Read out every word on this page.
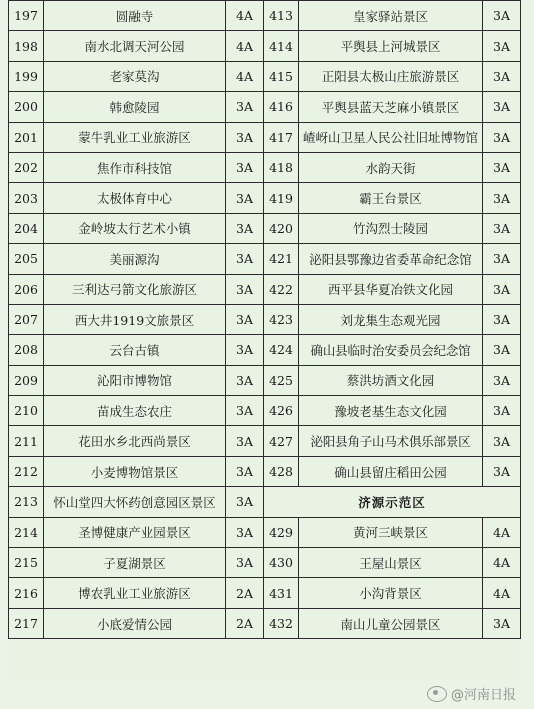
197	圆融寺	4A	413	皇家驿站景区	3A
198	南水北调天河公园	4A	414	平舆县上河城景区	3A
199	老家莫沟	4A	415	正阳县太极山庄旅游景区	3A
200	韩愈陵园	3A	416	平舆县蓝天芝麻小镇景区	3A
201	蒙牛乳业工业旅游区	3A	417	嵖岈山卫星人民公社旧址博物馆	3A
202	焦作市科技馆	3A	418	水韵天街	3A
203	太极体育中心	3A	419	霸王台景区	3A
204	金岭坡太行艺术小镇	3A	420	竹沟烈士陵园	3A
205	美丽源沟	3A	421	泌阳县鄂豫边省委革命纪念馆	3A
206	三利达弓箭文化旅游区	3A	422	西平县华夏冶铁文化园	3A
207	西大井1919文旅景区	3A	423	刘龙集生态观光园	3A
208	云台古镇	3A	424	确山县临时治安委员会纪念馆	3A
209	沁阳市博物馆	3A	425	蔡洪坊酒文化园	3A
210	苗成生态农庄	3A	426	豫坡老基生态文化园	3A
211	花田水乡北西尚景区	3A	427	泌阳县角子山马术俱乐部景区	3A
212	小麦博物馆景区	3A	428	确山县留庄稻田公园	3A
213	怀山堂四大怀药创意园区景区	3A	济源示范区		
214	圣博健康产业园景区	3A	429	黄河三峡景区	4A
215	子夏湖景区	3A	430	王屋山景区	4A
216	博农乳业工业旅游区	2A	431	小沟背景区	4A
217	小底爱情公园	2A	432	南山儿童公园景区	3A
@河南日报
